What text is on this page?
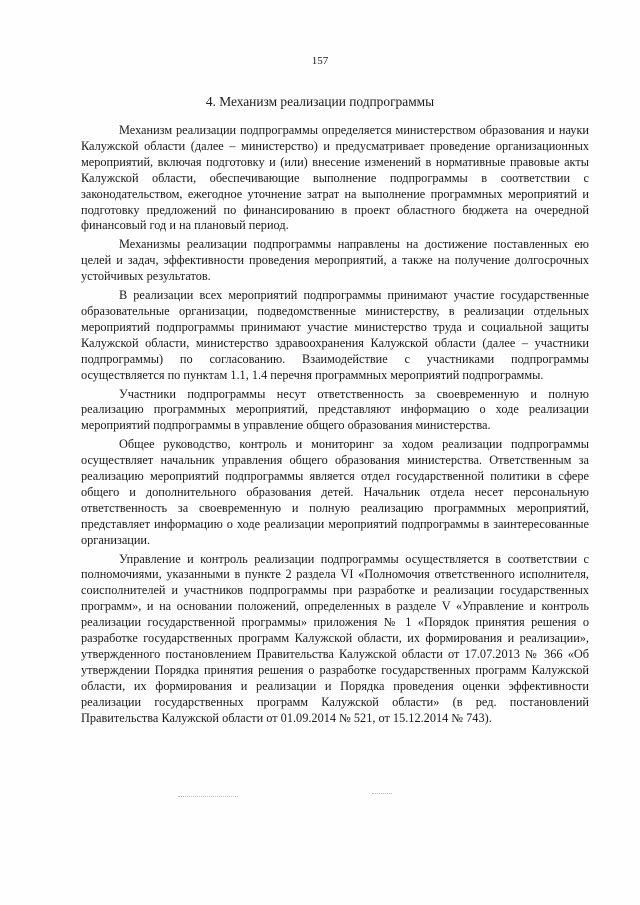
157
4. Механизм реализации подпрограммы

Механизм реализации подпрограммы определяется министерством образования и науки Калужской области (далее – министерство) и предусматривает проведение организационных мероприятий, включая подготовку и (или) внесение изменений в нормативные правовые акты Калужской области, обеспечивающие выполнение подпрограммы в соответствии с законодательством, ежегодное уточнение затрат на выполнение программных мероприятий и подготовку предложений по финансированию в проект областного бюджета на очередной финансовый год и на плановый период.

Механизмы реализации подпрограммы направлены на достижение поставленных ею целей и задач, эффективности проведения мероприятий, а также на получение долгосрочных устойчивых результатов.

В реализации всех мероприятий подпрограммы принимают участие государственные образовательные организации, подведомственные министерству, в реализации отдельных мероприятий подпрограммы принимают участие министерство труда и социальной защиты Калужской области, министерство здравоохранения Калужской области (далее – участники подпрограммы) по согласованию. Взаимодействие с участниками подпрограммы осуществляется по пунктам 1.1, 1.4 перечня программных мероприятий подпрограммы.

Участники подпрограммы несут ответственность за своевременную и полную реализацию программных мероприятий, представляют информацию о ходе реализации мероприятий подпрограммы в управление общего образования министерства.

Общее руководство, контроль и мониторинг за ходом реализации подпрограммы осуществляет начальник управления общего образования министерства. Ответственным за реализацию мероприятий подпрограммы является отдел государственной политики в сфере общего и дополнительного образования детей. Начальник отдела несет персональную ответственность за своевременную и полную реализацию программных мероприятий, представляет информацию о ходе реализации мероприятий подпрограммы в заинтересованные организации.

Управление и контроль реализации подпрограммы осуществляется в соответствии с полномочиями, указанными в пункте 2 раздела VI «Полномочия ответственного исполнителя, соисполнителей и участников подпрограммы при разработке и реализации государственных программ», и на основании положений, определенных в разделе V «Управление и контроль реализации государственной программы» приложения № 1 «Порядок принятия решения о разработке государственных программ Калужской области, их формирования и реализации», утвержденного постановлением Правительства Калужской области от 17.07.2013 № 366 «Об утверждении Порядка принятия решения о разработке государственных программ Калужской области, их формирования и реализации и Порядка проведения оценки эффективности реализации государственных программ Калужской области» (в ред. постановлений Правительства Калужской области от 01.09.2014 № 521, от 15.12.2014 № 743).
